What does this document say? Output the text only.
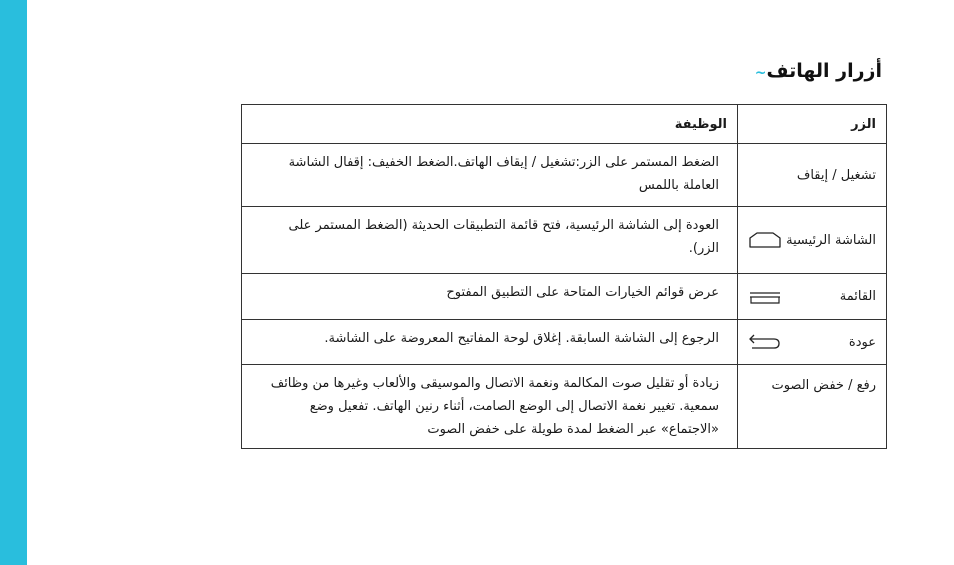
~ أزرار الهاتف
الزر	الوظيفة
تشغيل / إيقاف	الضغط المستمر على الزر:تشغيل / إيقاف الهاتف.الضغط الخفيف: إقفال الشاشة العاملة باللمس

الشاشة الرئيسية	العودة إلى الشاشة الرئيسية، فتح قائمة التطبيقات الحديثة (الضغط المستمر على الزر).

القائمة	عرض قوائم الخيارات المتاحة على التطبيق المفتوح

عودة	الرجوع إلى الشاشة السابقة. إغلاق لوحة المفاتيح المعروضة على الشاشة.
رفع / خفض الصوت	زيادة أو تقليل صوت المكالمة ونغمة الاتصال والموسيقى والألعاب وغيرها من وظائف سمعية. تغيير نغمة الاتصال إلى الوضع الصامت، أثناء رنين الهاتف. تفعيل وضع «الاجتماع» عبر الضغط لمدة طويلة على خفض الصوت
